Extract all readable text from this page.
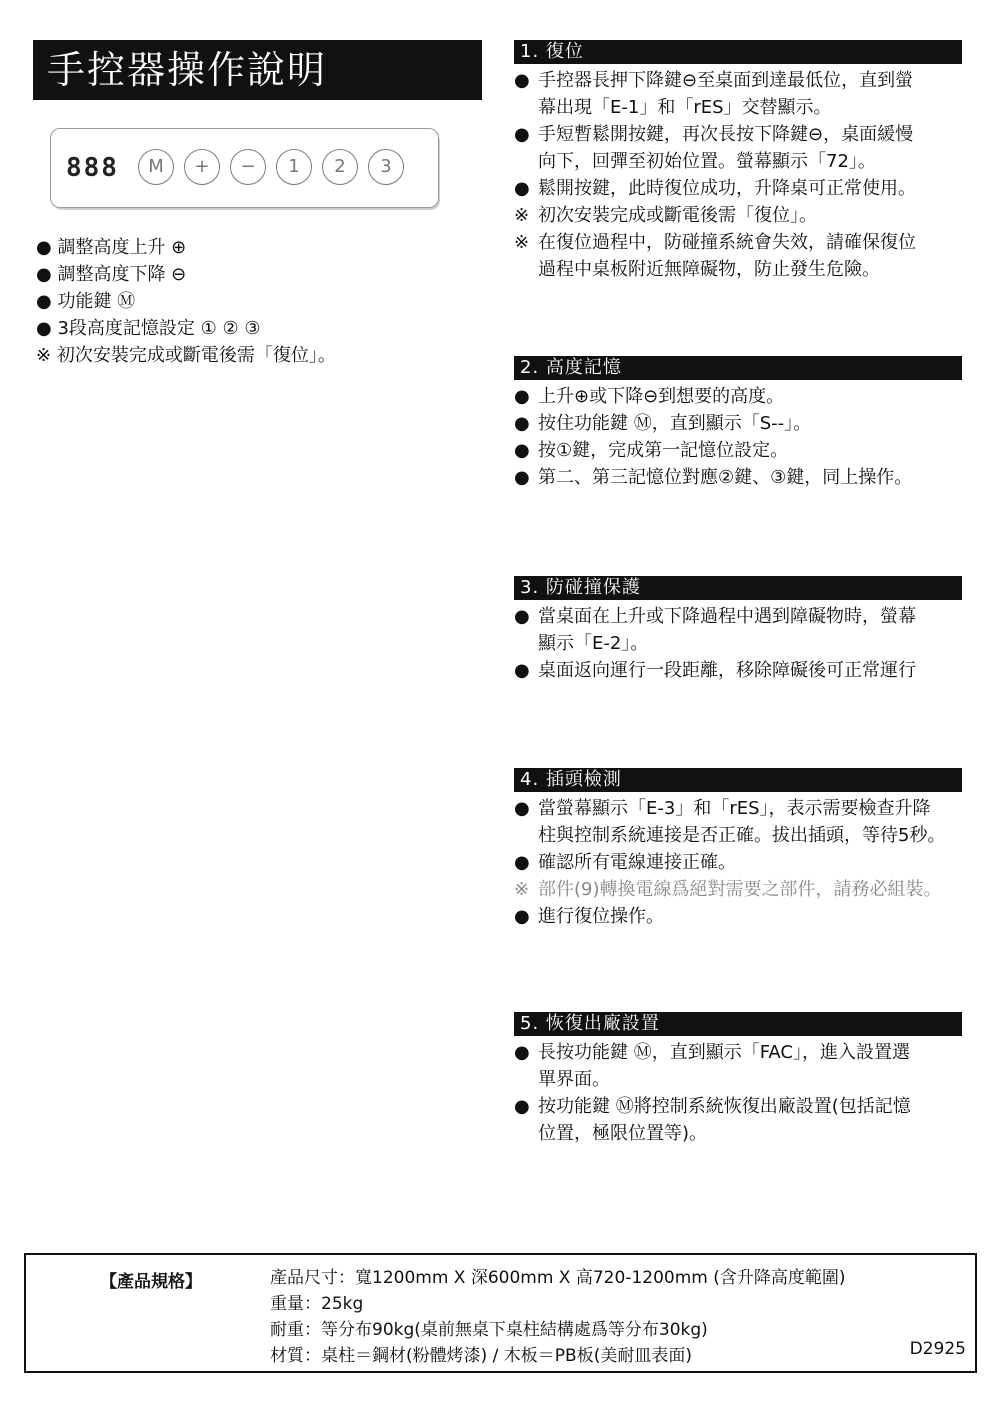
手控器操作說明
888	M	+	−	1	2	3
● 調整高度上升 ⊕
● 調整高度下降 ⊖
● 功能鍵 Ⓜ
● 3段高度記憶設定 ① ② ③
※ 初次安裝完成或斷電後需「復位」。
1. 復位
● 手控器長押下降鍵⊖至桌面到達最低位，直到螢
幕出現「E-1」和「rES」交替顯示。
● 手短暫鬆開按鍵，再次長按下降鍵⊖，桌面緩慢
向下，回彈至初始位置。螢幕顯示「72」。
● 鬆開按鍵，此時復位成功，升降桌可正常使用。
※ 初次安裝完成或斷電後需「復位」。
※ 在復位過程中，防碰撞系統會失效，請確保復位
過程中桌板附近無障礙物，防止發生危險。
2. 高度記憶
● 上升⊕或下降⊖到想要的高度。
● 按住功能鍵 Ⓜ，直到顯示「S--」。
● 按①鍵，完成第一記憶位設定。
● 第二、第三記憶位對應②鍵、③鍵，同上操作。
3. 防碰撞保護
● 當桌面在上升或下降過程中遇到障礙物時，螢幕
顯示「E-2」。
● 桌面返向運行一段距離，移除障礙後可正常運行
4. 插頭檢測
● 當螢幕顯示「E-3」和「rES」，表示需要檢查升降
柱與控制系統連接是否正確。拔出插頭，等待5秒。
● 確認所有電線連接正確。
※ 部件(9)轉換電線爲絕對需要之部件，請務必組裝。
● 進行復位操作。
5. 恢復出廠設置
● 長按功能鍵 Ⓜ，直到顯示「FAC」，進入設置選
單界面。
● 按功能鍵 Ⓜ將控制系統恢復出廠設置(包括記憶
位置，極限位置等)。
【產品規格】	產品尺寸：寬1200mm X 深600mm X 高720-1200mm (含升降高度範圍)
重量：25kg
耐重：等分布90kg(桌前無桌下桌柱結構處爲等分布30kg)
材質：桌柱＝鋼材(粉體烤漆) / 木板＝PB板(美耐皿表面)	D2925
